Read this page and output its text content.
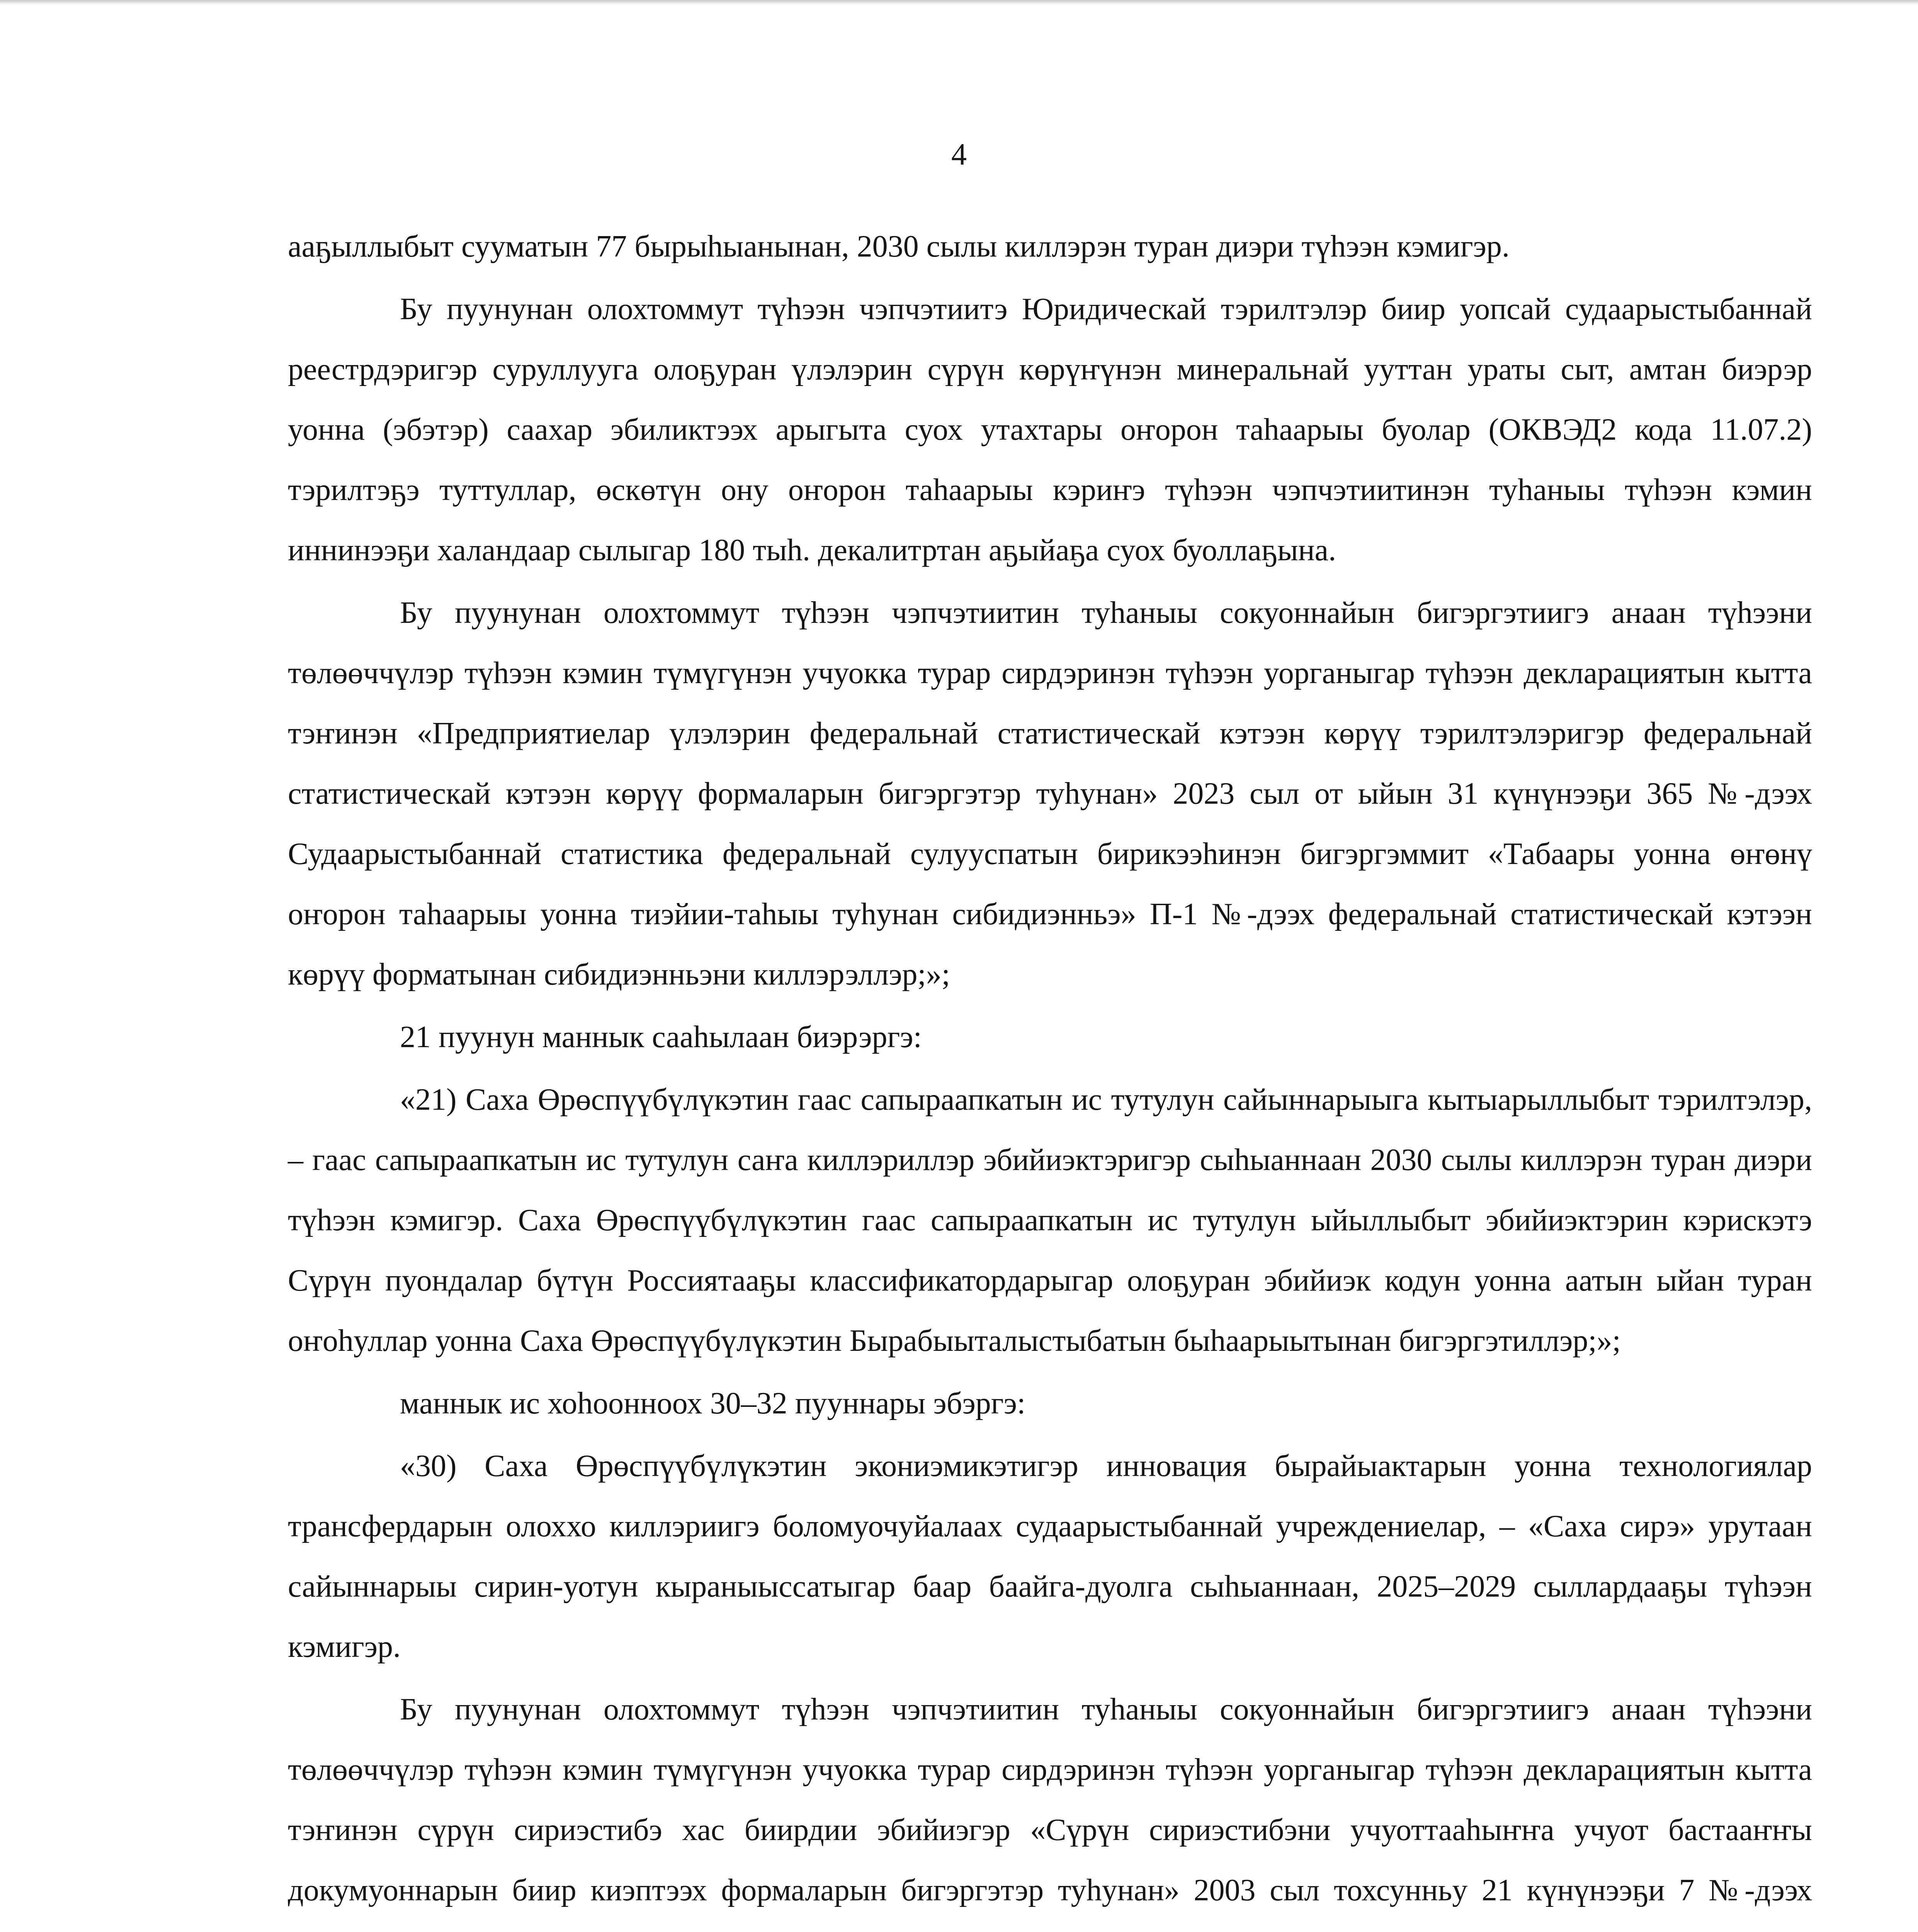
4

ааҕыллыбыт сууматын 77 бырыһыанынан, 2030 сылы киллэрэн туран диэри түһээн кэмигэр.

Бу пуунунан олохтоммут түһээн чэпчэтиитэ Юридическай тэрилтэлэр биир уопсай судаарыстыбаннай реестрдэригэр суруллууга олоҕуран үлэлэрин сүрүн көрүҥүнэн минеральнай ууттан ураты сыт, амтан биэрэр уонна (эбэтэр) саахар эбиликтээх арыгыта суох утахтары оҥорон таһаарыы буолар (ОКВЭД2 кода 11.07.2) тэрилтэҕэ туттуллар, өскөтүн ону оҥорон таһаарыы кэриҥэ түһээн чэпчэтиитинэн туһаныы түһээн кэмин иннинээҕи халандаар сылыгар 180 тыһ. декалитртан аҕыйаҕа суох буоллаҕына.

Бу пуунунан олохтоммут түһээн чэпчэтиитин туһаныы сокуоннайын бигэргэтиигэ анаан түһээни төлөөччүлэр түһээн кэмин түмүгүнэн учуокка турар сирдэринэн түһээн уорганыгар түһээн декларациятын кытта тэҥинэн «Предприятиелар үлэлэрин федеральнай статистическай кэтээн көрүү тэрилтэлэригэр федеральнай статистическай кэтээн көрүү формаларын бигэргэтэр туһунан» 2023 сыл от ыйын 31 күнүнээҕи 365 №-дээх Судаарыстыбаннай статистика федеральнай сулууспатын бирикээһинэн бигэргэммит «Табаары уонна өҥөнү оҥорон таһаарыы уонна тиэйии-таһыы туһунан сибидиэнньэ» П-1 №-дээх федеральнай статистическай кэтээн көрүү форматынан сибидиэнньэни киллэрэллэр;»;

21 пуунун маннык сааһылаан биэрэргэ:

«21) Саха Өрөспүүбүлүкэтин гаас сапыраапкатын ис тутулун сайыннарыыга кытыарыллыбыт тэрилтэлэр, – гаас сапыраапкатын ис тутулун саҥа киллэриллэр эбийиэктэригэр сыһыаннаан 2030 сылы киллэрэн туран диэри түһээн кэмигэр. Саха Өрөспүүбүлүкэтин гаас сапыраапкатын ис тутулун ыйыллыбыт эбийиэктэрин кэрискэтэ Сүрүн пуондалар бүтүн Россиятааҕы классификатордарыгар олоҕуран эбийиэк кодун уонна аатын ыйан туран оҥоһуллар уонна Саха Өрөспүүбүлүкэтин Бырабыыталыстыбатын быһаарыытынан бигэргэтиллэр;»;

маннык ис хоһоонноох 30–32 пууннары эбэргэ:

«30) Саха Өрөспүүбүлүкэтин экониэмикэтигэр инновация бырайыактарын уонна технологиялар трансфердарын олоххо киллэриигэ боломуочуйалаах судаарыстыбаннай учреждениелар, – «Саха сирэ» урутаан сайыннарыы сирин-уотун кыраныыссатыгар баар баайга-дуолга сыһыаннаан, 2025–2029 сыллардааҕы түһээн кэмигэр.

Бу пуунунан олохтоммут түһээн чэпчэтиитин туһаныы сокуоннайын бигэргэтиигэ анаан түһээни төлөөччүлэр түһээн кэмин түмүгүнэн учуокка турар сирдэринэн түһээн уорганыгар түһээн декларациятын кытта тэҥинэн сүрүн сириэстибэ хас биирдии эбийиэгэр «Сүрүн сириэстибэни учуоттааһыҥҥа учуот бастааҥҥы докумуоннарын биир киэптээх формаларын бигэргэтэр туһунан» 2003 сыл тохсунньу 21 күнүнээҕи 7 №-дээх
